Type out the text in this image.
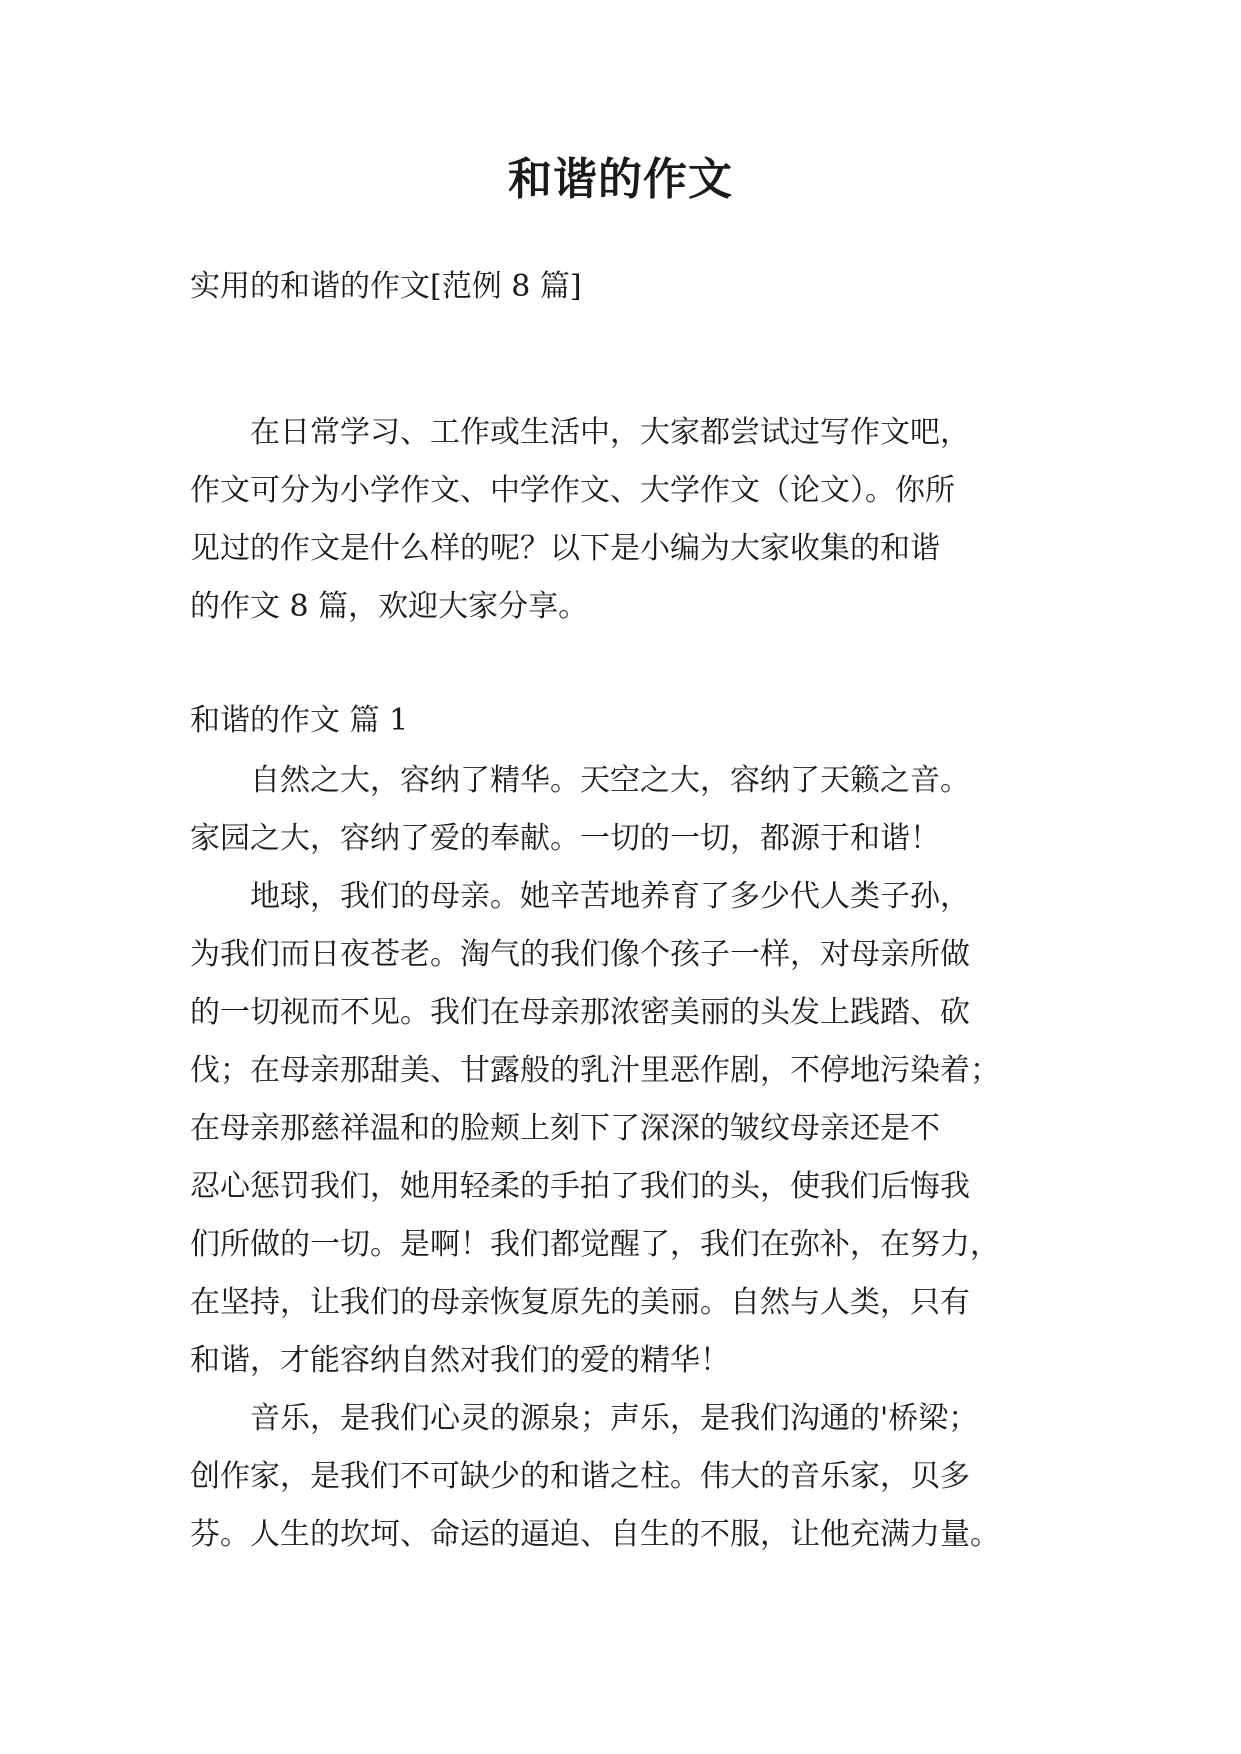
和谐的作文

实用的和谐的作文[范例 8 篇]

　　在日常学习、工作或生活中，大家都尝试过写作文吧，
作文可分为小学作文、中学作文、大学作文（论文）。你所
见过的作文是什么样的呢？以下是小编为大家收集的和谐
的作文 8 篇，欢迎大家分享。

和谐的作文 篇 1

　　自然之大，容纳了精华。天空之大，容纳了天籁之音。
家园之大，容纳了爱的奉献。一切的一切，都源于和谐！
　　地球，我们的母亲。她辛苦地养育了多少代人类子孙，
为我们而日夜苍老。淘气的我们像个孩子一样，对母亲所做
的一切视而不见。我们在母亲那浓密美丽的头发上践踏、砍
伐；在母亲那甜美、甘露般的乳汁里恶作剧，不停地污染着；
在母亲那慈祥温和的脸颊上刻下了深深的皱纹母亲还是不
忍心惩罚我们，她用轻柔的手拍了我们的头，使我们后悔我
们所做的一切。是啊！我们都觉醒了，我们在弥补，在努力，
在坚持，让我们的母亲恢复原先的美丽。自然与人类，只有
和谐，才能容纳自然对我们的爱的精华！
　　音乐，是我们心灵的源泉；声乐，是我们沟通的'桥梁；
创作家，是我们不可缺少的和谐之柱。伟大的音乐家，贝多
芬。人生的坎坷、命运的逼迫、自生的不服，让他充满力量。
